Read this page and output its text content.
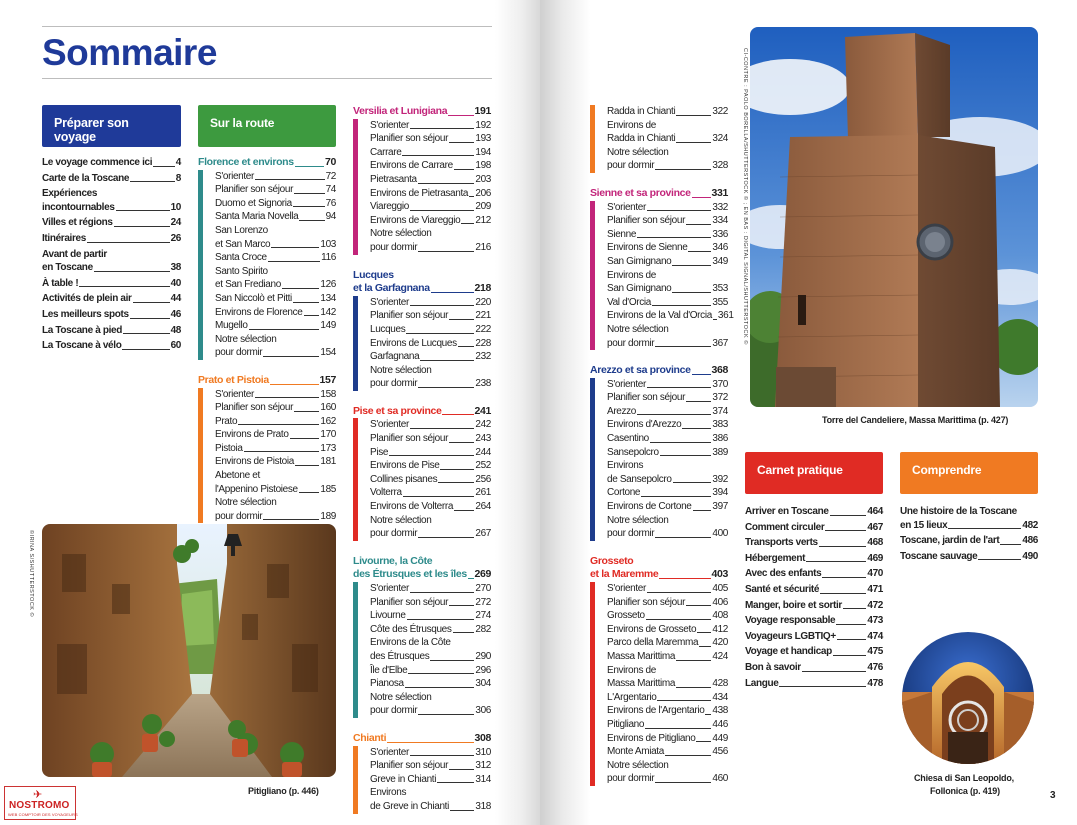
Sommaire
Préparer son voyage
Sur la route
Carnet pratique	Comprendre
Le voyage commence ici 4
Carte de la Toscane	8
Expériences
incontournables	10
Villes et régions	24
Itinéraires	26
Avant de partir
en Toscane	38
À table !	40
Activités de plein air	44
Les meilleurs spots	46
La Toscane à pied	48
La Toscane à vélo	60
Florence et environs	70
S'orienter	72
Planifier son séjour	74
Duomo et Signoria	76
Santa Maria Novella	94
San Lorenzo
et San Marco	103
Santa Croce	116
Santo Spirito
et San Frediano	126
San Niccolò et Pitti	134
Environs de Florence 142
Mugello	149
Notre sélection
pour dormir	154
Prato et Pistoia	157
S'orienter	158
Planifier son séjour	160
Prato	162
Environs de Prato	170
Pistoia	173
Environs de Pistoia	181
Abetone et
l'Appenino Pistoiese 185
Notre sélection
pour dormir	189
Versilia et Lunigiana	191
S'orienter	192
Planifier son séjour	193
Carrare	194
Environs de Carrare 198
Pietrasanta	203
Environs de Pietrasanta 206
Viareggio	209
Environs de Viareggio 212
Notre sélection
pour dormir	216
Lucques
et la Garfagnana	218
S'orienter	220
Planifier son séjour	221
Lucques	222
Environs de Lucques 228
Garfagnana	232
Notre sélection
pour dormir	238
Pise et sa province	241
S'orienter	242
Planifier son séjour	243
Pise	244
Environs de Pise	252
Collines pisanes	256
Volterra	261
Environs de Volterra 264
Notre sélection
pour dormir	267
Livourne, la Côte
des Étrusques et les îles 269
S'orienter	270
Planifier son séjour	272
Livourne	274
Côte des Étrusques 282
Environs de la Côte
des Étrusques	290
Île d'Elbe	296
Pianosa	304
Notre sélection
pour dormir	306
Chianti	308
S'orienter	310
Planifier son séjour	312
Greve in Chianti	314
Environs
de Greve in Chianti	318
Radda in Chianti	322
Environs de
Radda in Chianti	324
Notre sélection
pour dormir	328
Sienne et sa province 331
S'orienter	332
Planifier son séjour	334
Sienne	336
Environs de Sienne 346
San Gimignano	349
Environs de
San Gimignano	353
Val d'Orcia	355
Environs de la Val d'Orcia 361
Notre sélection
pour dormir	367
Arezzo et sa province 368
S'orienter	370
Planifier son séjour	372
Arezzo	374
Environs d'Arezzo	383
Casentino	386
Sansepolcro	389
Environs
de Sansepolcro	392
Cortone	394
Environs de Cortone 397
Notre sélection
pour dormir	400
Grosseto
et la Maremme	403
S'orienter	405
Planifier son séjour	406
Grosseto	408
Environs de Grosseto 412
Parco della Maremma 420
Massa Marittima	424
Environs de
Massa Marittima	428
L'Argentario	434
Environs de l'Argentario 438
Pitigliano	446
Environs de Pitigliano 449
Monte Amiata	456
Notre sélection
pour dormir	460
Arriver en Toscane	464
Comment circuler	467
Transports verts	468
Hébergement	469
Avec des enfants	470
Santé et sécurité	471
Manger, boire et sortir	472
Voyage responsable	473
Voyageurs LGBTIQ+	474
Voyage et handicap	475
Bon à savoir	476
Langue	478
Une histoire de la Toscane
en 15 lieux	482
Toscane, jardin de l'art 486
Toscane sauvage	490
©IRINA S/SHUTTERSTOCK ©
Pitigliano (p. 446)
CI-CONTRE : PAOLO BORELLA/SHUTTERSTOCK © ; EN BAS : DIGITAL SIGNAL/SHUTTERSTOCK ©
Torre del Candeliere, Massa Marittima (p. 427)
Chiesa di San Leopoldo,
Follonica (p. 419)	3
✈
NOSTROMO
WEB COMPTOIR DES VOYAGEURS
